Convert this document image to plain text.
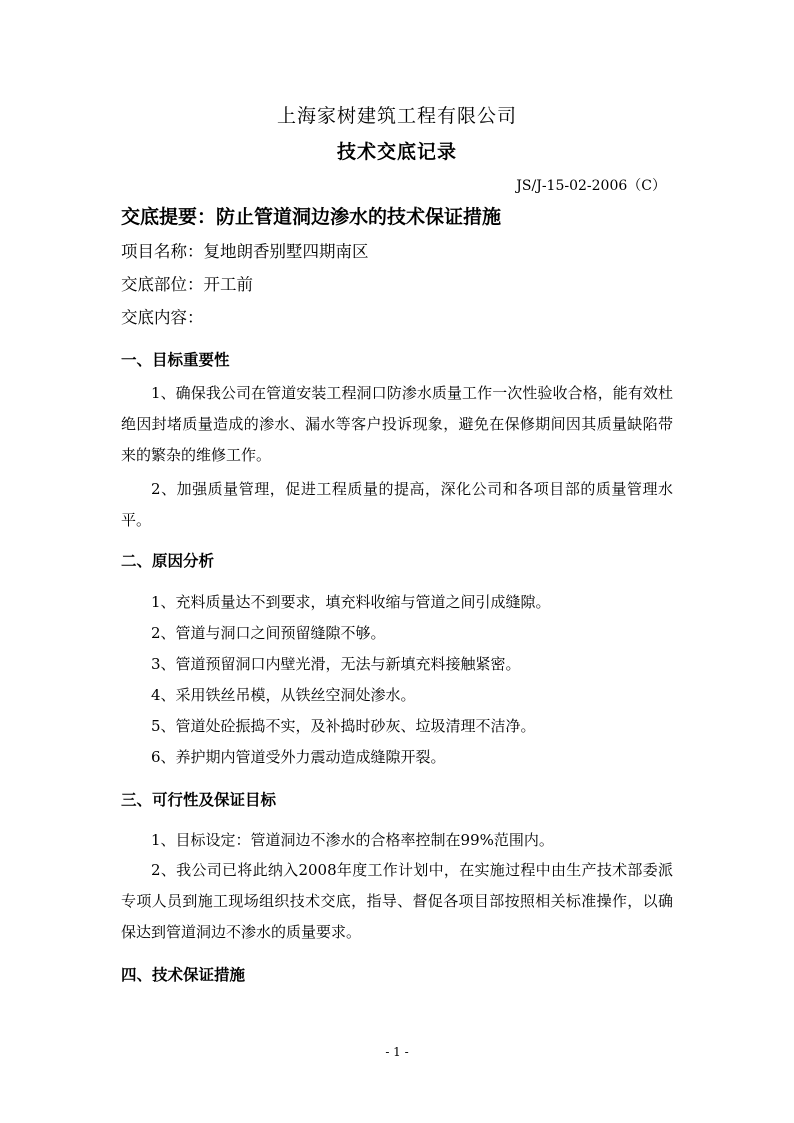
上海家树建筑工程有限公司
技术交底记录
JS/J-15-02-2006（C）
交底提要：防止管道洞边渗水的技术保证措施
项目名称：复地朗香别墅四期南区
交底部位：开工前
交底内容：
一、目标重要性
1、确保我公司在管道安装工程洞口防渗水质量工作一次性验收合格，能有效杜绝因封堵质量造成的渗水、漏水等客户投诉现象，避免在保修期间因其质量缺陷带来的繁杂的维修工作。
2、加强质量管理，促进工程质量的提高，深化公司和各项目部的质量管理水平。
二、原因分析
1、充料质量达不到要求，填充料收缩与管道之间引成缝隙。
2、管道与洞口之间预留缝隙不够。
3、管道预留洞口内壁光滑，无法与新填充料接触紧密。
4、采用铁丝吊模，从铁丝空洞处渗水。
5、管道处砼振捣不实，及补捣时砂灰、垃圾清理不洁净。
6、养护期内管道受外力震动造成缝隙开裂。
三、可行性及保证目标
1、目标设定：管道洞边不渗水的合格率控制在99%范围内。
2、我公司已将此纳入2008年度工作计划中，在实施过程中由生产技术部委派专项人员到施工现场组织技术交底，指导、督促各项目部按照相关标准操作，以确保达到管道洞边不渗水的质量要求。
四、技术保证措施
- 1 -
